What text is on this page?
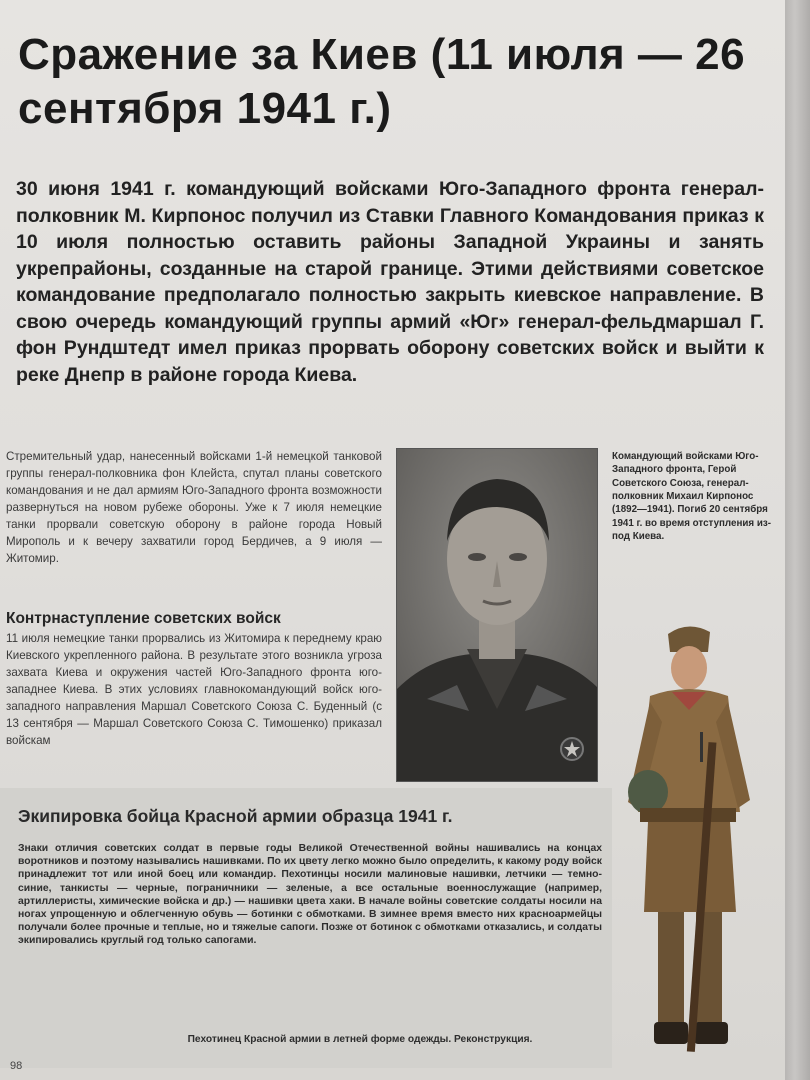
Сражение за Киев (11 июля — 26 сентября 1941 г.)

30 июня 1941 г. командующий войсками Юго-Западного фронта генерал-полковник М. Кирпонос получил из Ставки Главного Командования приказ к 10 июля полностью оставить районы Западной Украины и занять укрепрайоны, созданные на старой границе. Этими действиями советское командование предполагало полностью закрыть киевское направление. В свою очередь командующий группы армий «Юг» генерал-фельдмаршал Г. фон Рундштедт имел приказ прорвать оборону советских войск и выйти к реке Днепр в районе города Киева.

Стремительный удар, нанесенный войсками 1-й немецкой танковой группы генерал-полковника фон Клейста, спутал планы советского командования и не дал армиям Юго-Западного фронта возможности развернуться на новом рубеже обороны. Уже к 7 июля немецкие танки прорвали советскую оборону в районе города Новый Мирополь и к вечеру захватили город Бердичев, а 9 июля — Житомир.

Контрнаступление советских войск

11 июля немецкие танки прорвались из Житомира к переднему краю Киевского укрепленного района. В результате этого возникла угроза захвата Киева и окружения частей Юго-Западного фронта юго-западнее Киева. В этих условиях главнокомандующий войск юго-западного направления Маршал Советского Союза С. Буденный (с 13 сентября — Маршал Советского Союза С. Тимошенко) приказал войскам

Командующий войсками Юго-Западного фронта, Герой Советского Союза, генерал-полковник Михаил Кирпонос (1892—1941). Погиб 20 сентября 1941 г. во время отступления из-под Киева.

Экипировка бойца Красной армии образца 1941 г.

Знаки отличия советских солдат в первые годы Великой Отечественной войны нашивались на концах воротников и поэтому назывались нашивками. По их цвету легко можно было определить, к какому роду войск принадлежит тот или иной боец или командир. Пехотинцы носили малиновые нашивки, летчики — темно-синие, танкисты — черные, пограничники — зеленые, а все остальные военнослужащие (например, артиллеристы, химические войска и др.) — нашивки цвета хаки. В начале войны советские солдаты носили на ногах упрощенную и облегченную обувь — ботинки с обмотками. В зимнее время вместо них красноармейцы получали более прочные и теплые, но и тяжелые сапоги. Позже от ботинок с обмотками отказались, и солдаты экипировались круглый год только сапогами.

Пехотинец Красной армии в летней форме одежды. Реконструкция.

98
